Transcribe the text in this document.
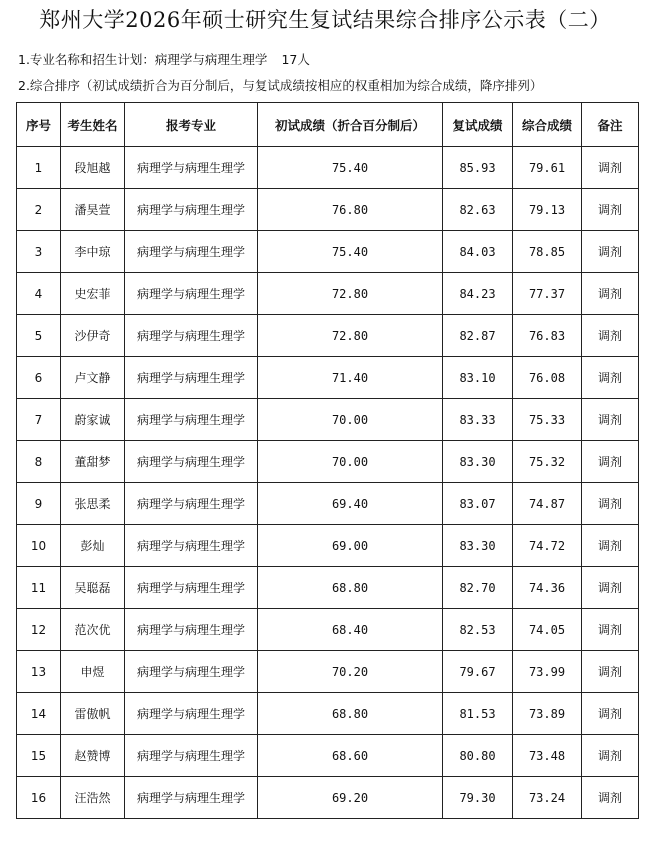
郑州大学2026年硕士研究生复试结果综合排序公示表（二）
1.专业名称和招生计划：病理学与病理生理学 17人
2.综合排序（初试成绩折合为百分制后，与复试成绩按相应的权重相加为综合成绩，降序排列）
序号	考生姓名	报考专业	初试成绩（折合百分制后）	复试成绩	综合成绩	备注
1	段旭越	病理学与病理生理学	75.40	85.93	79.61	调剂
2	潘昊萱	病理学与病理生理学	76.80	82.63	79.13	调剂
3	李中琼	病理学与病理生理学	75.40	84.03	78.85	调剂
4	史宏菲	病理学与病理生理学	72.80	84.23	77.37	调剂
5	沙伊奇	病理学与病理生理学	72.80	82.87	76.83	调剂
6	卢文静	病理学与病理生理学	71.40	83.10	76.08	调剂
7	蔚家诚	病理学与病理生理学	70.00	83.33	75.33	调剂
8	董甜梦	病理学与病理生理学	70.00	83.30	75.32	调剂
9	张思柔	病理学与病理生理学	69.40	83.07	74.87	调剂
10	彭灿	病理学与病理生理学	69.00	83.30	74.72	调剂
11	吴聪磊	病理学与病理生理学	68.80	82.70	74.36	调剂
12	范次优	病理学与病理生理学	68.40	82.53	74.05	调剂
13	申煜	病理学与病理生理学	70.20	79.67	73.99	调剂
14	雷傲帆	病理学与病理生理学	68.80	81.53	73.89	调剂
15	赵赞博	病理学与病理生理学	68.60	80.80	73.48	调剂
16	汪浩然	病理学与病理生理学	69.20	79.30	73.24	调剂
